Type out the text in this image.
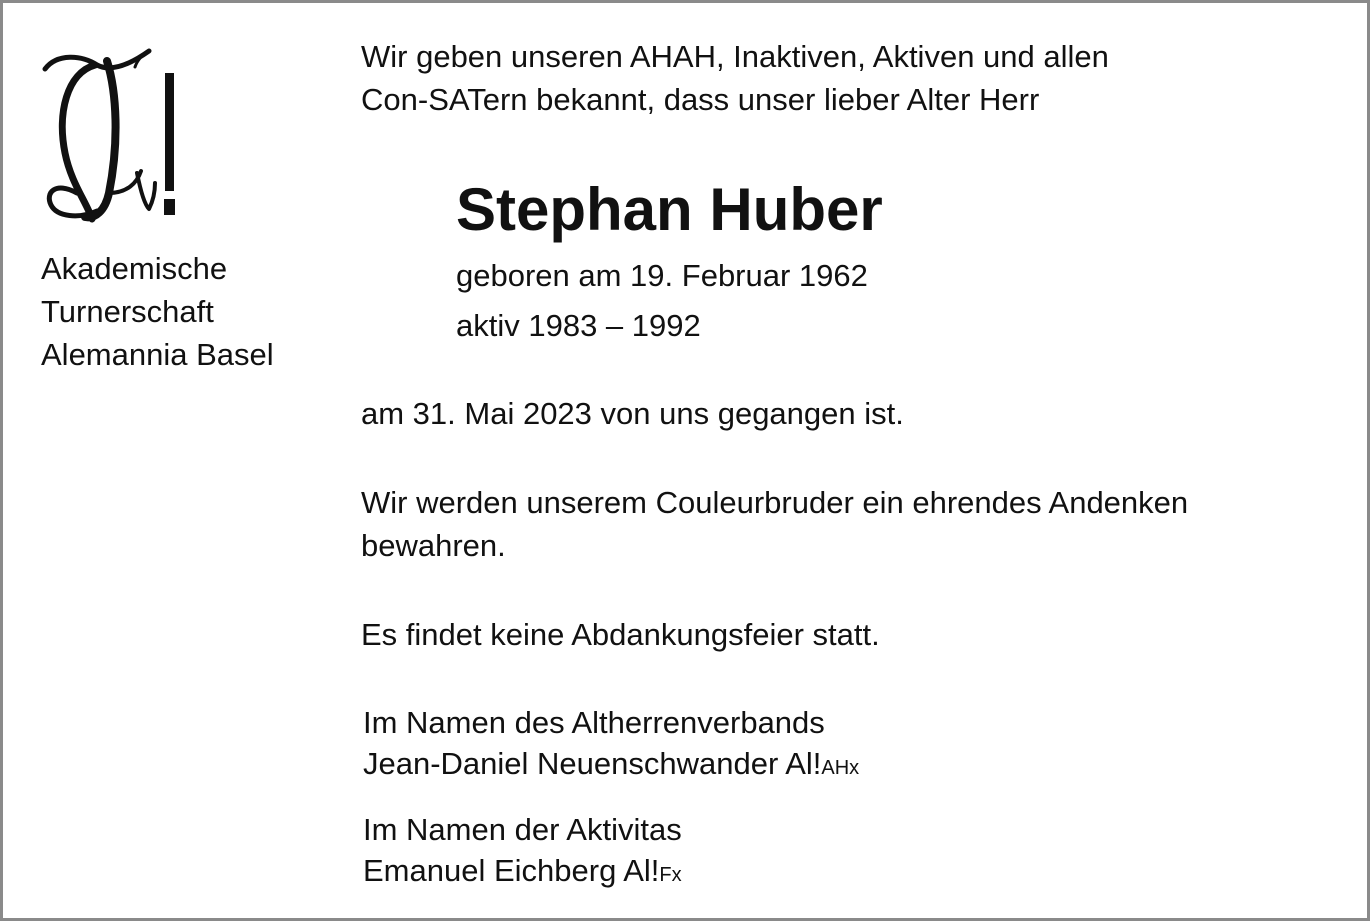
Akademische
Turnerschaft
Alemannia Basel
Wir geben unseren AHAH, Inaktiven, Aktiven und allen
Con-SATern bekannt, dass unser lieber Alter Herr
Stephan Huber
geboren am 19. Februar 1962
aktiv 1983 – 1992
am 31. Mai 2023 von uns gegangen ist.
Wir werden unserem Couleurbruder ein ehrendes Andenken
bewahren.
Es findet keine Abdankungsfeier statt.
Im Namen des Altherrenverbands
Jean-Daniel Neuenschwander Al!AHx
Im Namen der Aktivitas
Emanuel Eichberg Al!Fx
